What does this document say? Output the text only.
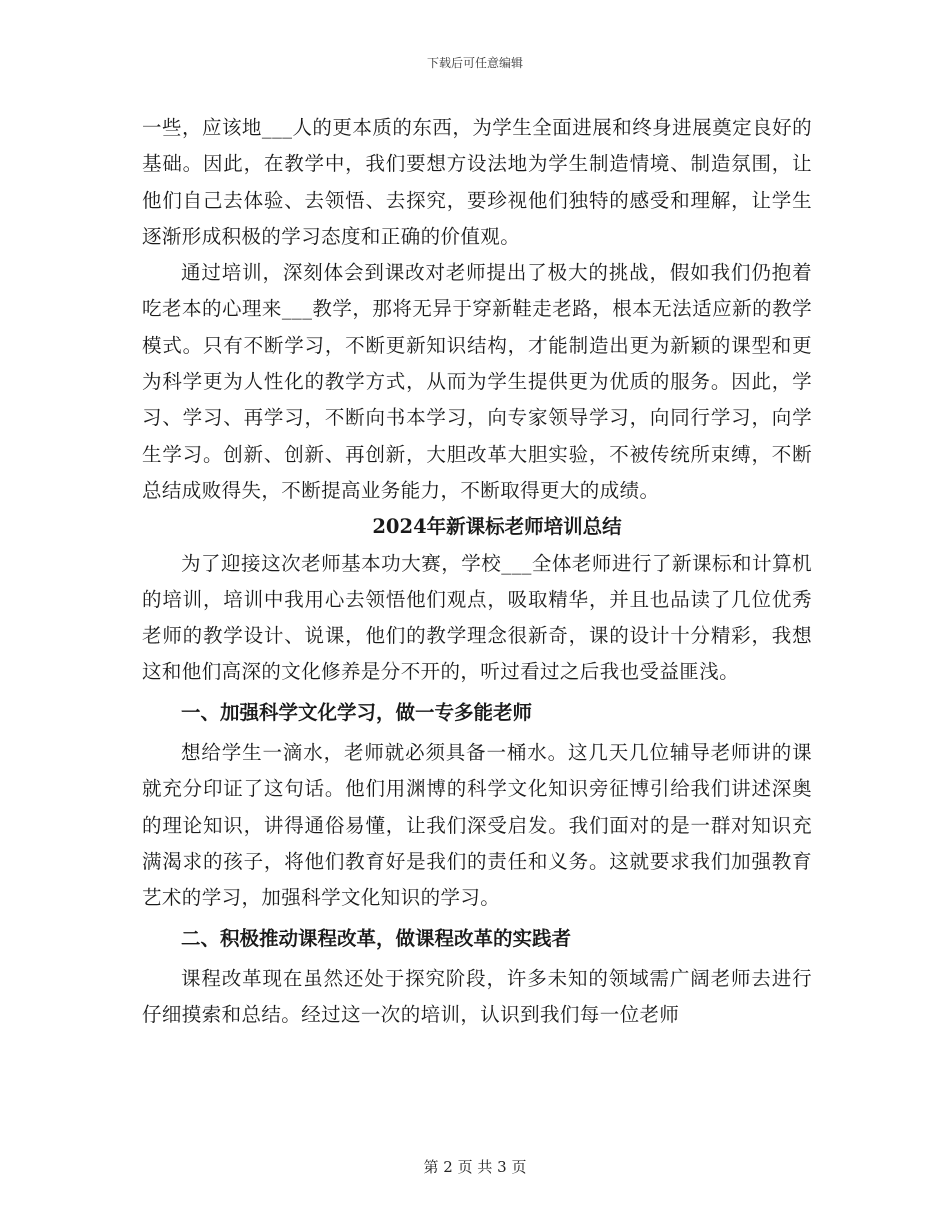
下载后可任意编辑

一些，应该地___人的更本质的东西，为学生全面进展和终身进展奠定良好的基础。因此，在教学中，我们要想方设法地为学生制造情境、制造氛围，让他们自己去体验、去领悟、去探究，要珍视他们独特的感受和理解，让学生逐渐形成积极的学习态度和正确的价值观。

通过培训，深刻体会到课改对老师提出了极大的挑战，假如我们仍抱着吃老本的心理来___教学，那将无异于穿新鞋走老路，根本无法适应新的教学模式。只有不断学习，不断更新知识结构，才能制造出更为新颖的课型和更为科学更为人性化的教学方式，从而为学生提供更为优质的服务。因此，学习、学习、再学习，不断向书本学习，向专家领导学习，向同行学习，向学生学习。创新、创新、再创新，大胆改革大胆实验，不被传统所束缚，不断总结成败得失，不断提高业务能力，不断取得更大的成绩。

2024年新课标老师培训总结

为了迎接这次老师基本功大赛，学校___全体老师进行了新课标和计算机的培训，培训中我用心去领悟他们观点，吸取精华，并且也品读了几位优秀老师的教学设计、说课，他们的教学理念很新奇，课的设计十分精彩，我想这和他们高深的文化修养是分不开的，听过看过之后我也受益匪浅。

一、加强科学文化学习，做一专多能老师

想给学生一滴水，老师就必须具备一桶水。这几天几位辅导老师讲的课就充分印证了这句话。他们用渊博的科学文化知识旁征博引给我们讲述深奥的理论知识，讲得通俗易懂，让我们深受启发。我们面对的是一群对知识充满渴求的孩子，将他们教育好是我们的责任和义务。这就要求我们加强教育艺术的学习，加强科学文化知识的学习。

二、积极推动课程改革，做课程改革的实践者

课程改革现在虽然还处于探究阶段，许多未知的领域需广阔老师去进行仔细摸索和总结。经过这一次的培训，认识到我们每一位老师

第 2 页 共 3 页
